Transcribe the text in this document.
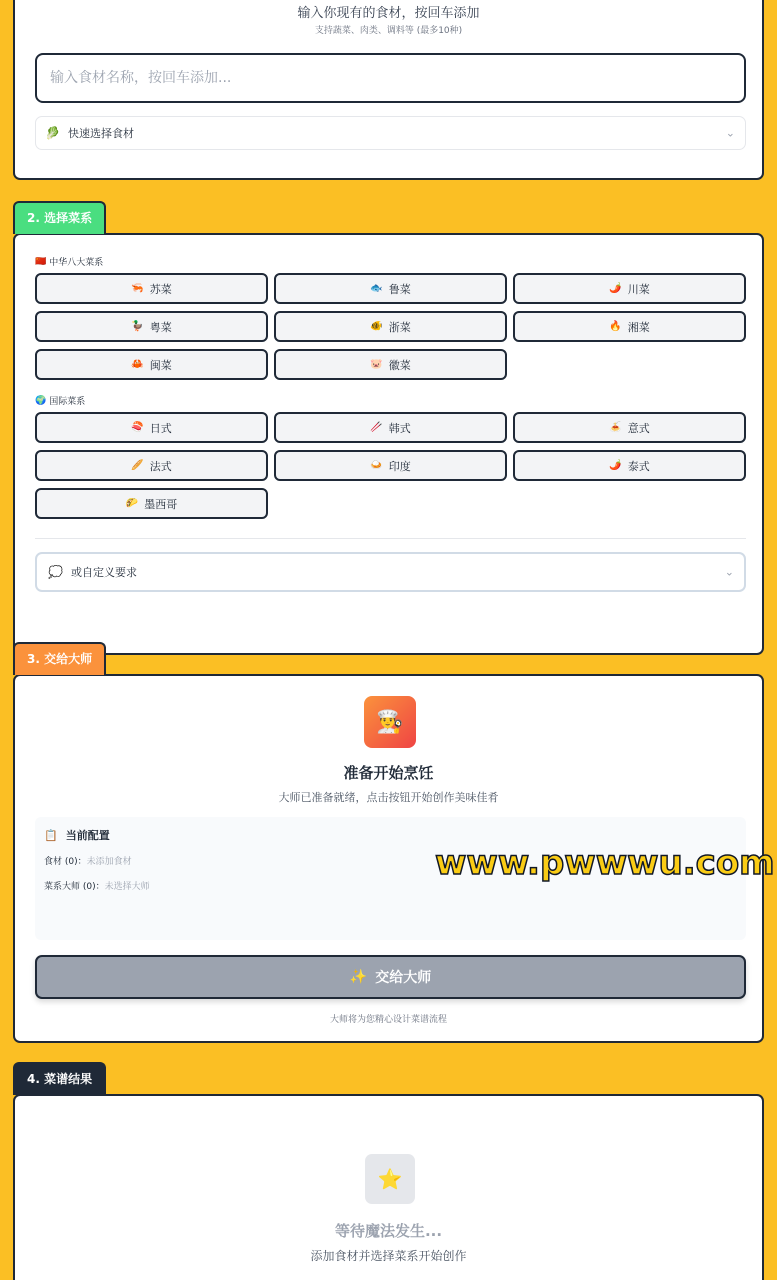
输入你现有的食材，按回车添加
支持蔬菜、肉类、调料等 (最多10种)
输入食材名称，按回车添加...
🥬 快速选择食材	⌄
2. 选择菜系
🇨🇳 中华八大菜系
🦐 苏菜	🐟 鲁菜	🌶️ 川菜
🦆 粤菜	🐠 浙菜	🔥 湘菜
🦀 闽菜	🐷 徽菜
🌍 国际菜系
🍣 日式	🥢 韩式	🍝 意式
🥖 法式	🍛 印度	🌶️ 泰式
🌮 墨西哥
💭 或自定义要求	⌄
3. 交给大师
👨‍🍳
准备开始烹饪
大师已准备就绪，点击按钮开始创作美味佳肴
📋 当前配置
食材 (0)：未添加食材
菜系大师 (0)：未选择大师
www.pwwwu.com
✨ 交给大师
大师将为您精心设计菜谱流程
4. 菜谱结果
⭐
等待魔法发生...
添加食材并选择菜系开始创作
